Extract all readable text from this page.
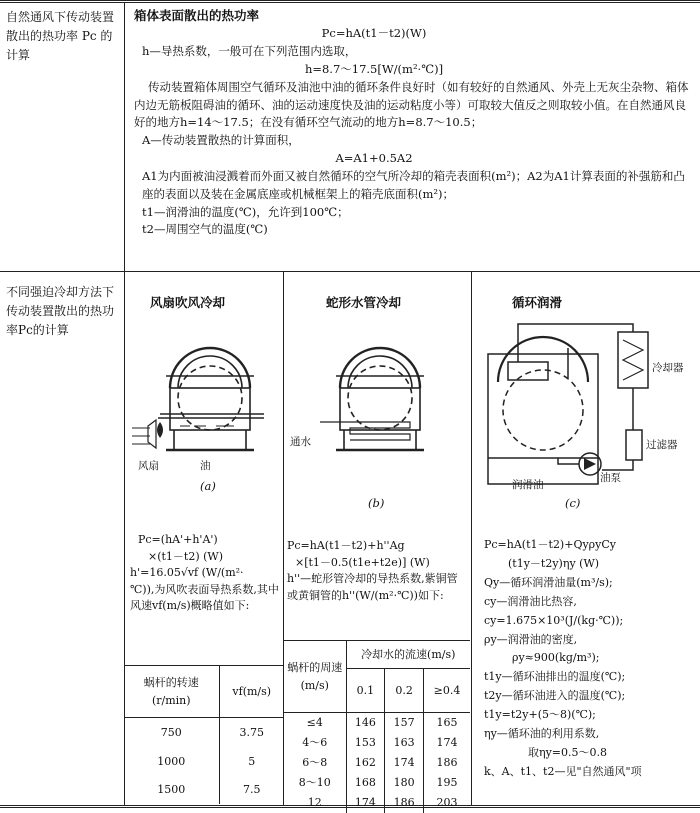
自然通风下传动装置散出的热功率 Pc 的计算

箱体表面散出的热功率

Pc=hA(t1－t2)(W)

h—导热系数，一般可在下列范围内选取，

h=8.7～17.5[W/(m²·℃)]

传动装置箱体周围空气循环及油池中油的循环条件良好时（如有较好的自然通风、外壳上无灰尘杂物、箱体内边无筋板阻碍油的循环、油的运动速度快及油的运动粘度小等）可取较大值反之则取较小值。在自然通风良好的地方h=14～17.5；在没有循环空气流动的地方h=8.7～10.5；

A—传动装置散热的计算面积，

A=A1+0.5A2

A1为内面被油浸溅着而外面又被自然循环的空气所冷却的箱壳表面积(m²)；A2为A1计算表面的补强筋和凸座的表面以及装在金属底座或机械框架上的箱壳底面积(m²)；

t1—润滑油的温度(℃)，允许到100℃；

t2—周围空气的温度(℃)

不同强迫冷却方法下传动装置散出的热功率Pc的计算
风扇吹风冷却
风扇	油
(a)

Pc=(hA'+h'A')

×(t1－t2) (W)

h'=16.05√vf (W/(m²·

℃)),为风吹表面导热系数,其中风速vf(m/s)概略值如下:

蜗杆的转速(r/min)	vf(m/s)
750	3.75
1000	5
1500	7.5
蛇形水管冷却
通水
(b)

Pc=hA(t1－t2)+h''Ag

×[t1－0.5(t1e+t2e)] (W)

h''—蛇形管冷却的导热系数,紫铜管或黄铜管的h''(W/(m²·℃))如下:

蜗杆的周速(m/s)	冷却水的流速(m/s)		
	0.1	0.2	≥0.4
≤4	146	157	165
4～6	153	163	174
6～8	162	174	186
8～10	168	180	195
12	174	186	203
循环润滑
冷却器
过滤器
油泵
润滑油
(c)

Pc=hA(t1－t2)+QyρyCy

(t1y－t2y)ηy (W)

Qy—循环润滑油量(m³/s);

cy—润滑油比热容,

cy=1.675×10³(J/(kg·℃));

ρy—润滑油的密度,

ρy≈900(kg/m³);

t1y—循环油排出的温度(℃);

t2y—循环油进入的温度(℃);

t1y=t2y+(5～8)(℃);

ηy—循环油的利用系数,

取ηy=0.5～0.8

k、A、t1、t2—见"自然通风"项
